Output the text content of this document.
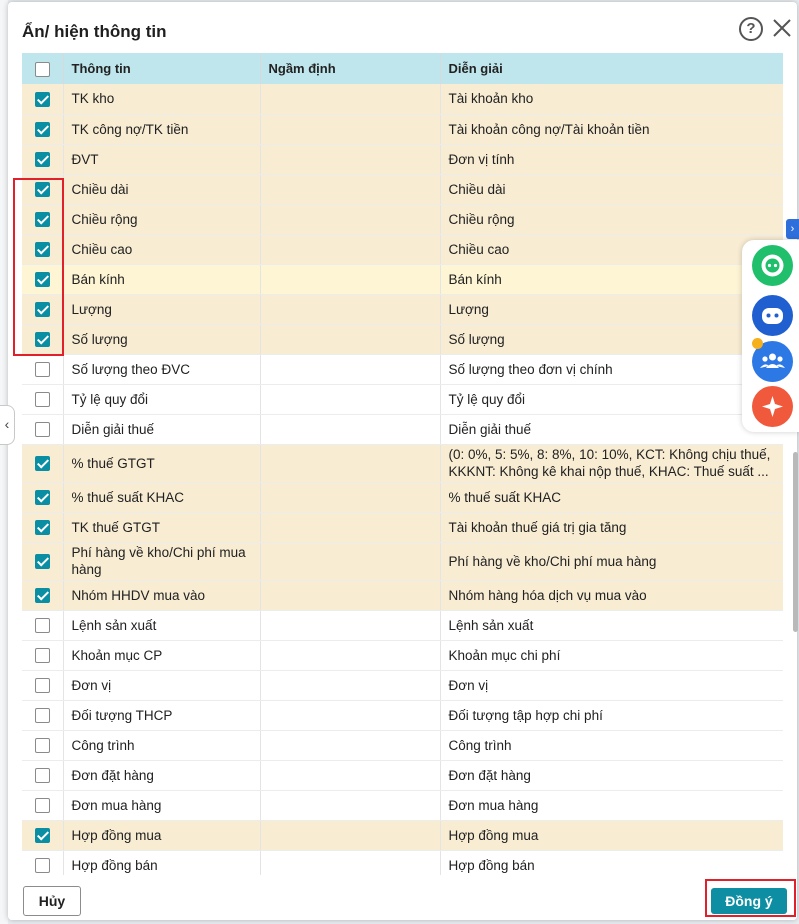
Ẩn/ hiện thông tin	?
	Thông tin	Ngầm định	Diễn giải
	TK kho		Tài khoản kho
	TK công nợ/TK tiền		Tài khoản công nợ/Tài khoản tiền
	ĐVT		Đơn vị tính
	Chiều dài		Chiều dài
	Chiều rộng		Chiều rộng
	Chiều cao		Chiều cao
	Bán kính		Bán kính
	Lượng		Lượng
	Số lượng		Số lượng
	Số lượng theo ĐVC		Số lượng theo đơn vị chính
	Tỷ lệ quy đổi		Tỷ lệ quy đổi
	Diễn giải thuế		Diễn giải thuế
	% thuế GTGT		(0: 0%, 5: 5%, 8: 8%, 10: 10%, KCT: Không chịu thuế, KKKNT: Không kê khai nộp thuế, KHAC: Thuế suất ...
	% thuế suất KHAC		% thuế suất KHAC
	TK thuế GTGT		Tài khoản thuế giá trị gia tăng
	Phí hàng về kho/Chi phí mua hàng		Phí hàng về kho/Chi phí mua hàng
	Nhóm HHDV mua vào		Nhóm hàng hóa dịch vụ mua vào
	Lệnh sản xuất		Lệnh sản xuất
	Khoản mục CP		Khoản mục chi phí
	Đơn vị		Đơn vị
	Đối tượng THCP		Đối tượng tập hợp chi phí
	Công trình		Công trình
	Đơn đặt hàng		Đơn đặt hàng
	Đơn mua hàng		Đơn mua hàng
	Hợp đồng mua		Hợp đồng mua
	Hợp đồng bán		Hợp đồng bán
Hủy	Đồng ý
‹
›
